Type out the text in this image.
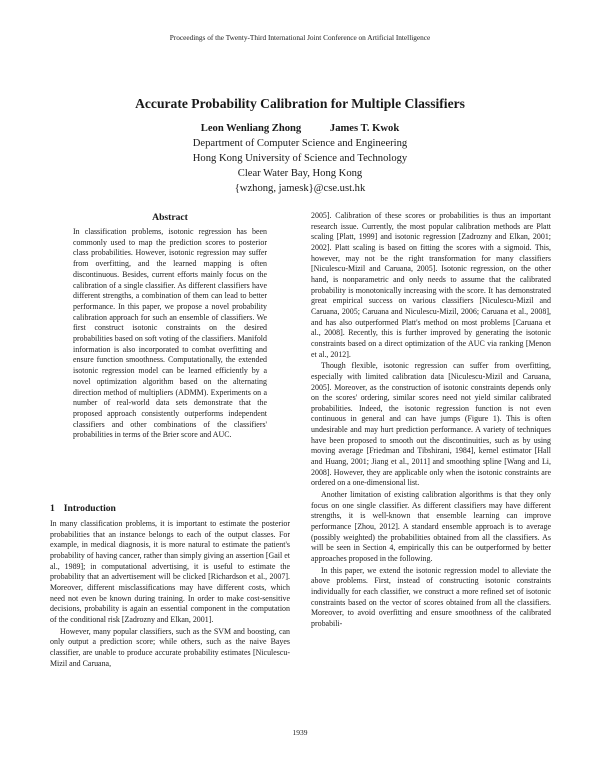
Proceedings of the Twenty-Third International Joint Conference on Artificial Intelligence
Accurate Probability Calibration for Multiple Classifiers
Leon Wenliang Zhong	James T. Kwok
Department of Computer Science and Engineering
Hong Kong University of Science and Technology
Clear Water Bay, Hong Kong
{wzhong, jamesk}@cse.ust.hk
Abstract
In classification problems, isotonic regression has been commonly used to map the prediction scores to posterior class probabilities. However, isotonic regression may suffer from overfitting, and the learned mapping is often discontinuous. Besides, current efforts mainly focus on the calibration of a single classifier. As different classifiers have different strengths, a combination of them can lead to better performance. In this paper, we propose a novel probability calibration approach for such an ensemble of classifiers. We first construct isotonic constraints on the desired probabilities based on soft voting of the classifiers. Manifold information is also incorporated to combat overfitting and ensure function smoothness. Computationally, the extended isotonic regression model can be learned efficiently by a novel optimization algorithm based on the alternating direction method of multipliers (ADMM). Experiments on a number of real-world data sets demonstrate that the proposed approach consistently outperforms independent classifiers and other combinations of the classifiers' probabilities in terms of the Brier score and AUC.
1 Introduction

In many classification problems, it is important to estimate the posterior probabilities that an instance belongs to each of the output classes. For example, in medical diagnosis, it is more natural to estimate the patient's probability of having cancer, rather than simply giving an assertion [Gail et al., 1989]; in computational advertising, it is useful to estimate the probability that an advertisement will be clicked [Richardson et al., 2007]. Moreover, different misclassifications may have different costs, which need not even be known during training. In order to make cost-sensitive decisions, probability is again an essential component in the computation of the conditional risk [Zadrozny and Elkan, 2001].

However, many popular classifiers, such as the SVM and boosting, can only output a prediction score; while others, such as the naive Bayes classifier, are unable to produce accurate probability estimates [Niculescu-Mizil and Caruana,

2005]. Calibration of these scores or probabilities is thus an important research issue. Currently, the most popular calibration methods are Platt scaling [Platt, 1999] and isotonic regression [Zadrozny and Elkan, 2001; 2002]. Platt scaling is based on fitting the scores with a sigmoid. This, however, may not be the right transformation for many classifiers [Niculescu-Mizil and Caruana, 2005]. Isotonic regression, on the other hand, is nonparametric and only needs to assume that the calibrated probability is monotonically increasing with the score. It has demonstrated great empirical success on various classifiers [Niculescu-Mizil and Caruana, 2005; Caruana and Niculescu-Mizil, 2006; Caruana et al., 2008], and has also outperformed Platt's method on most problems [Caruana et al., 2008]. Recently, this is further improved by generating the isotonic constraints based on a direct optimization of the AUC via ranking [Menon et al., 2012].

Though flexible, isotonic regression can suffer from overfitting, especially with limited calibration data [Niculescu-Mizil and Caruana, 2005]. Moreover, as the construction of isotonic constraints depends only on the scores' ordering, similar scores need not yield similar calibrated probabilities. Indeed, the isotonic regression function is not even continuous in general and can have jumps (Figure 1). This is often undesirable and may hurt prediction performance. A variety of techniques have been proposed to smooth out the discontinuities, such as by using moving average [Friedman and Tibshirani, 1984], kernel estimator [Hall and Huang, 2001; Jiang et al., 2011] and smoothing spline [Wang and Li, 2008]. However, they are applicable only when the isotonic constraints are ordered on a one-dimensional list.

Another limitation of existing calibration algorithms is that they only focus on one single classifier. As different classifiers may have different strengths, it is well-known that ensemble learning can improve performance [Zhou, 2012]. A standard ensemble approach is to average (possibly weighted) the probabilities obtained from all the classifiers. As will be seen in Section 4, empirically this can be outperformed by better approaches proposed in the following.

In this paper, we extend the isotonic regression model to alleviate the above problems. First, instead of constructing isotonic constraints individually for each classifier, we construct a more refined set of isotonic constraints based on the vector of scores obtained from all the classifiers. Moreover, to avoid overfitting and ensure smoothness of the calibrated probabili-

1939
